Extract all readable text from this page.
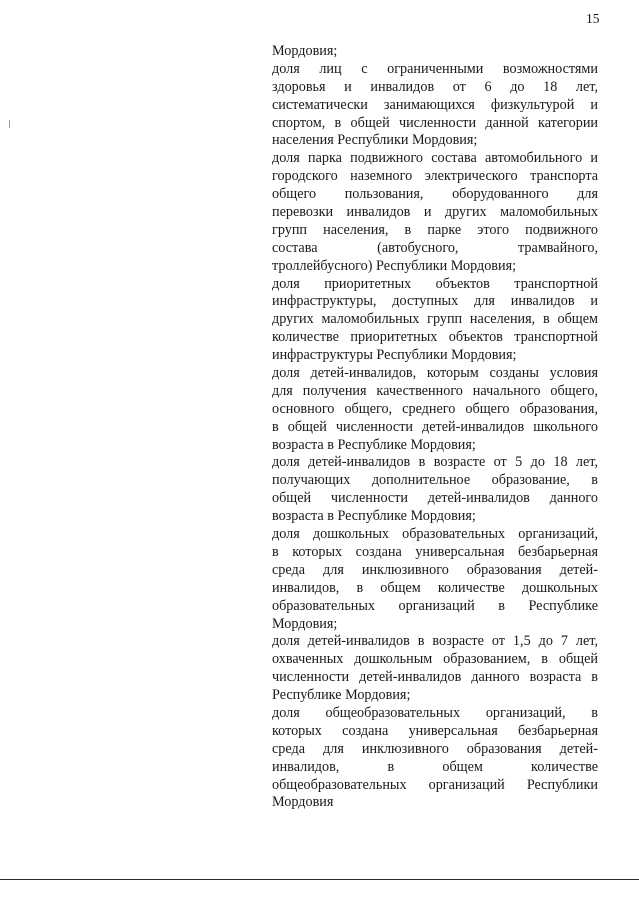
15
Мордовия;
доля лиц с ограниченными возможностями
здоровья и инвалидов от 6 до 18 лет,
систематически занимающихся физкультурой и
спортом, в общей численности данной категории
населения Республики Мордовия;
доля парка подвижного состава автомобильного и
городского наземного электрического транспорта
общего пользования, оборудованного для
перевозки инвалидов и других маломобильных
групп населения, в парке этого подвижного
состава (автобусного, трамвайного,
троллейбусного) Республики Мордовия;
доля приоритетных объектов транспортной
инфраструктуры, доступных для инвалидов и
других маломобильных групп населения, в общем
количестве приоритетных объектов транспортной
инфраструктуры Республики Мордовия;
доля детей-инвалидов, которым созданы условия
для получения качественного начального общего,
основного общего, среднего общего образования,
в общей численности детей-инвалидов школьного
возраста в Республике Мордовия;
доля детей-инвалидов в возрасте от 5 до 18 лет,
получающих дополнительное образование, в
общей численности детей-инвалидов данного
возраста в Республике Мордовия;
доля дошкольных образовательных организаций,
в которых создана универсальная безбарьерная
среда для инклюзивного образования детей-
инвалидов, в общем количестве дошкольных
образовательных организаций в Республике
Мордовия;
доля детей-инвалидов в возрасте от 1,5 до 7 лет,
охваченных дошкольным образованием, в общей
численности детей-инвалидов данного возраста в
Республике Мордовия;
доля общеобразовательных организаций, в
которых создана универсальная безбарьерная
среда для инклюзивного образования детей-
инвалидов, в общем количестве
общеобразовательных организаций Республики
Мордовия
